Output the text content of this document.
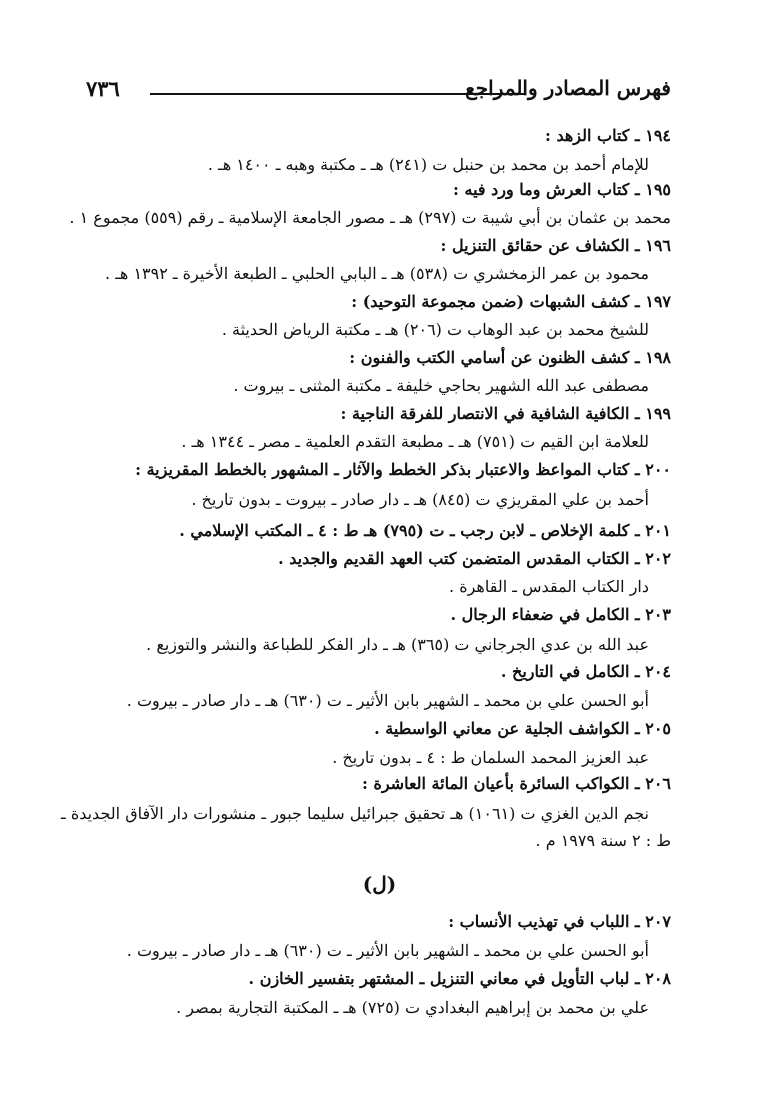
فهرس المصادر والمراجع
٧٣٦
١٩٤ ـ كتاب الزهد :
للإمام أحمد بن محمد بن حنبل ت (٢٤١) هـ ـ مكتبة وهبه ـ ١٤٠٠ هـ .
١٩٥ ـ كتاب العرش وما ورد فيه :
محمد بن عثمان بن أبي شيبة ت (٢٩٧) هـ ـ مصور الجامعة الإسلامية ـ رقم (٥٥٩) مجموع ١ .
١٩٦ ـ الكشاف عن حقائق التنزيل :
محمود بن عمر الزمخشري ت (٥٣٨) هـ ـ البابي الحلبي ـ الطبعة الأخيرة ـ ١٣٩٢ هـ .
١٩٧ ـ كشف الشبهات (ضمن مجموعة التوحيد) :
للشيخ محمد بن عبد الوهاب ت (٢٠٦) هـ ـ مكتبة الرياض الحديثة .
١٩٨ ـ كشف الظنون عن أسامي الكتب والفنون :
مصطفى عبد الله الشهير بحاجي خليفة ـ مكتبة المثنى ـ بيروت .
١٩٩ ـ الكافية الشافية في الانتصار للفرقة الناجية :
للعلامة ابن القيم ت (٧٥١) هـ ـ مطبعة التقدم العلمية ـ مصر ـ ١٣٤٤ هـ .
٢٠٠ ـ كتاب المواعظ والاعتبار بذكر الخطط والآثار ـ المشهور بالخطط المقريزية :
أحمد بن علي المقريزي ت (٨٤٥) هـ ـ دار صادر ـ بيروت ـ بدون تاريخ .
٢٠١ ـ كلمة الإخلاص ـ لابن رجب ـ ت (٧٩٥) هـ ط : ٤ ـ المكتب الإسلامي .
٢٠٢ ـ الكتاب المقدس المتضمن كتب العهد القديم والجديد .
دار الكتاب المقدس ـ القاهرة .
٢٠٣ ـ الكامل في ضعفاء الرجال .
عبد الله بن عدي الجرجاني ت (٣٦٥) هـ ـ دار الفكر للطباعة والنشر والتوزيع .
٢٠٤ ـ الكامل في التاريخ .
أبو الحسن علي بن محمد ـ الشهير بابن الأثير ـ ت (٦٣٠) هـ ـ دار صادر ـ بيروت .
٢٠٥ ـ الكواشف الجلية عن معاني الواسطية .
عبد العزيز المحمد السلمان ط : ٤ ـ بدون تاريخ .
٢٠٦ ـ الكواكب السائرة بأعيان المائة العاشرة :
نجم الدين الغزي ت (١٠٦١) هـ تحقيق جبرائيل سليما جبور ـ منشورات دار الآفاق الجديدة ـ
ط : ٢ سنة ١٩٧٩ م .
٢٠٧ ـ اللباب في تهذيب الأنساب :
أبو الحسن علي بن محمد ـ الشهير بابن الأثير ـ ت (٦٣٠) هـ ـ دار صادر ـ بيروت .
٢٠٨ ـ لباب التأويل في معاني التنزيل ـ المشتهر بتفسير الخازن .
علي بن محمد بن إبراهيم البغدادي ت (٧٢٥) هـ ـ المكتبة التجارية بمصر .
(ل)
